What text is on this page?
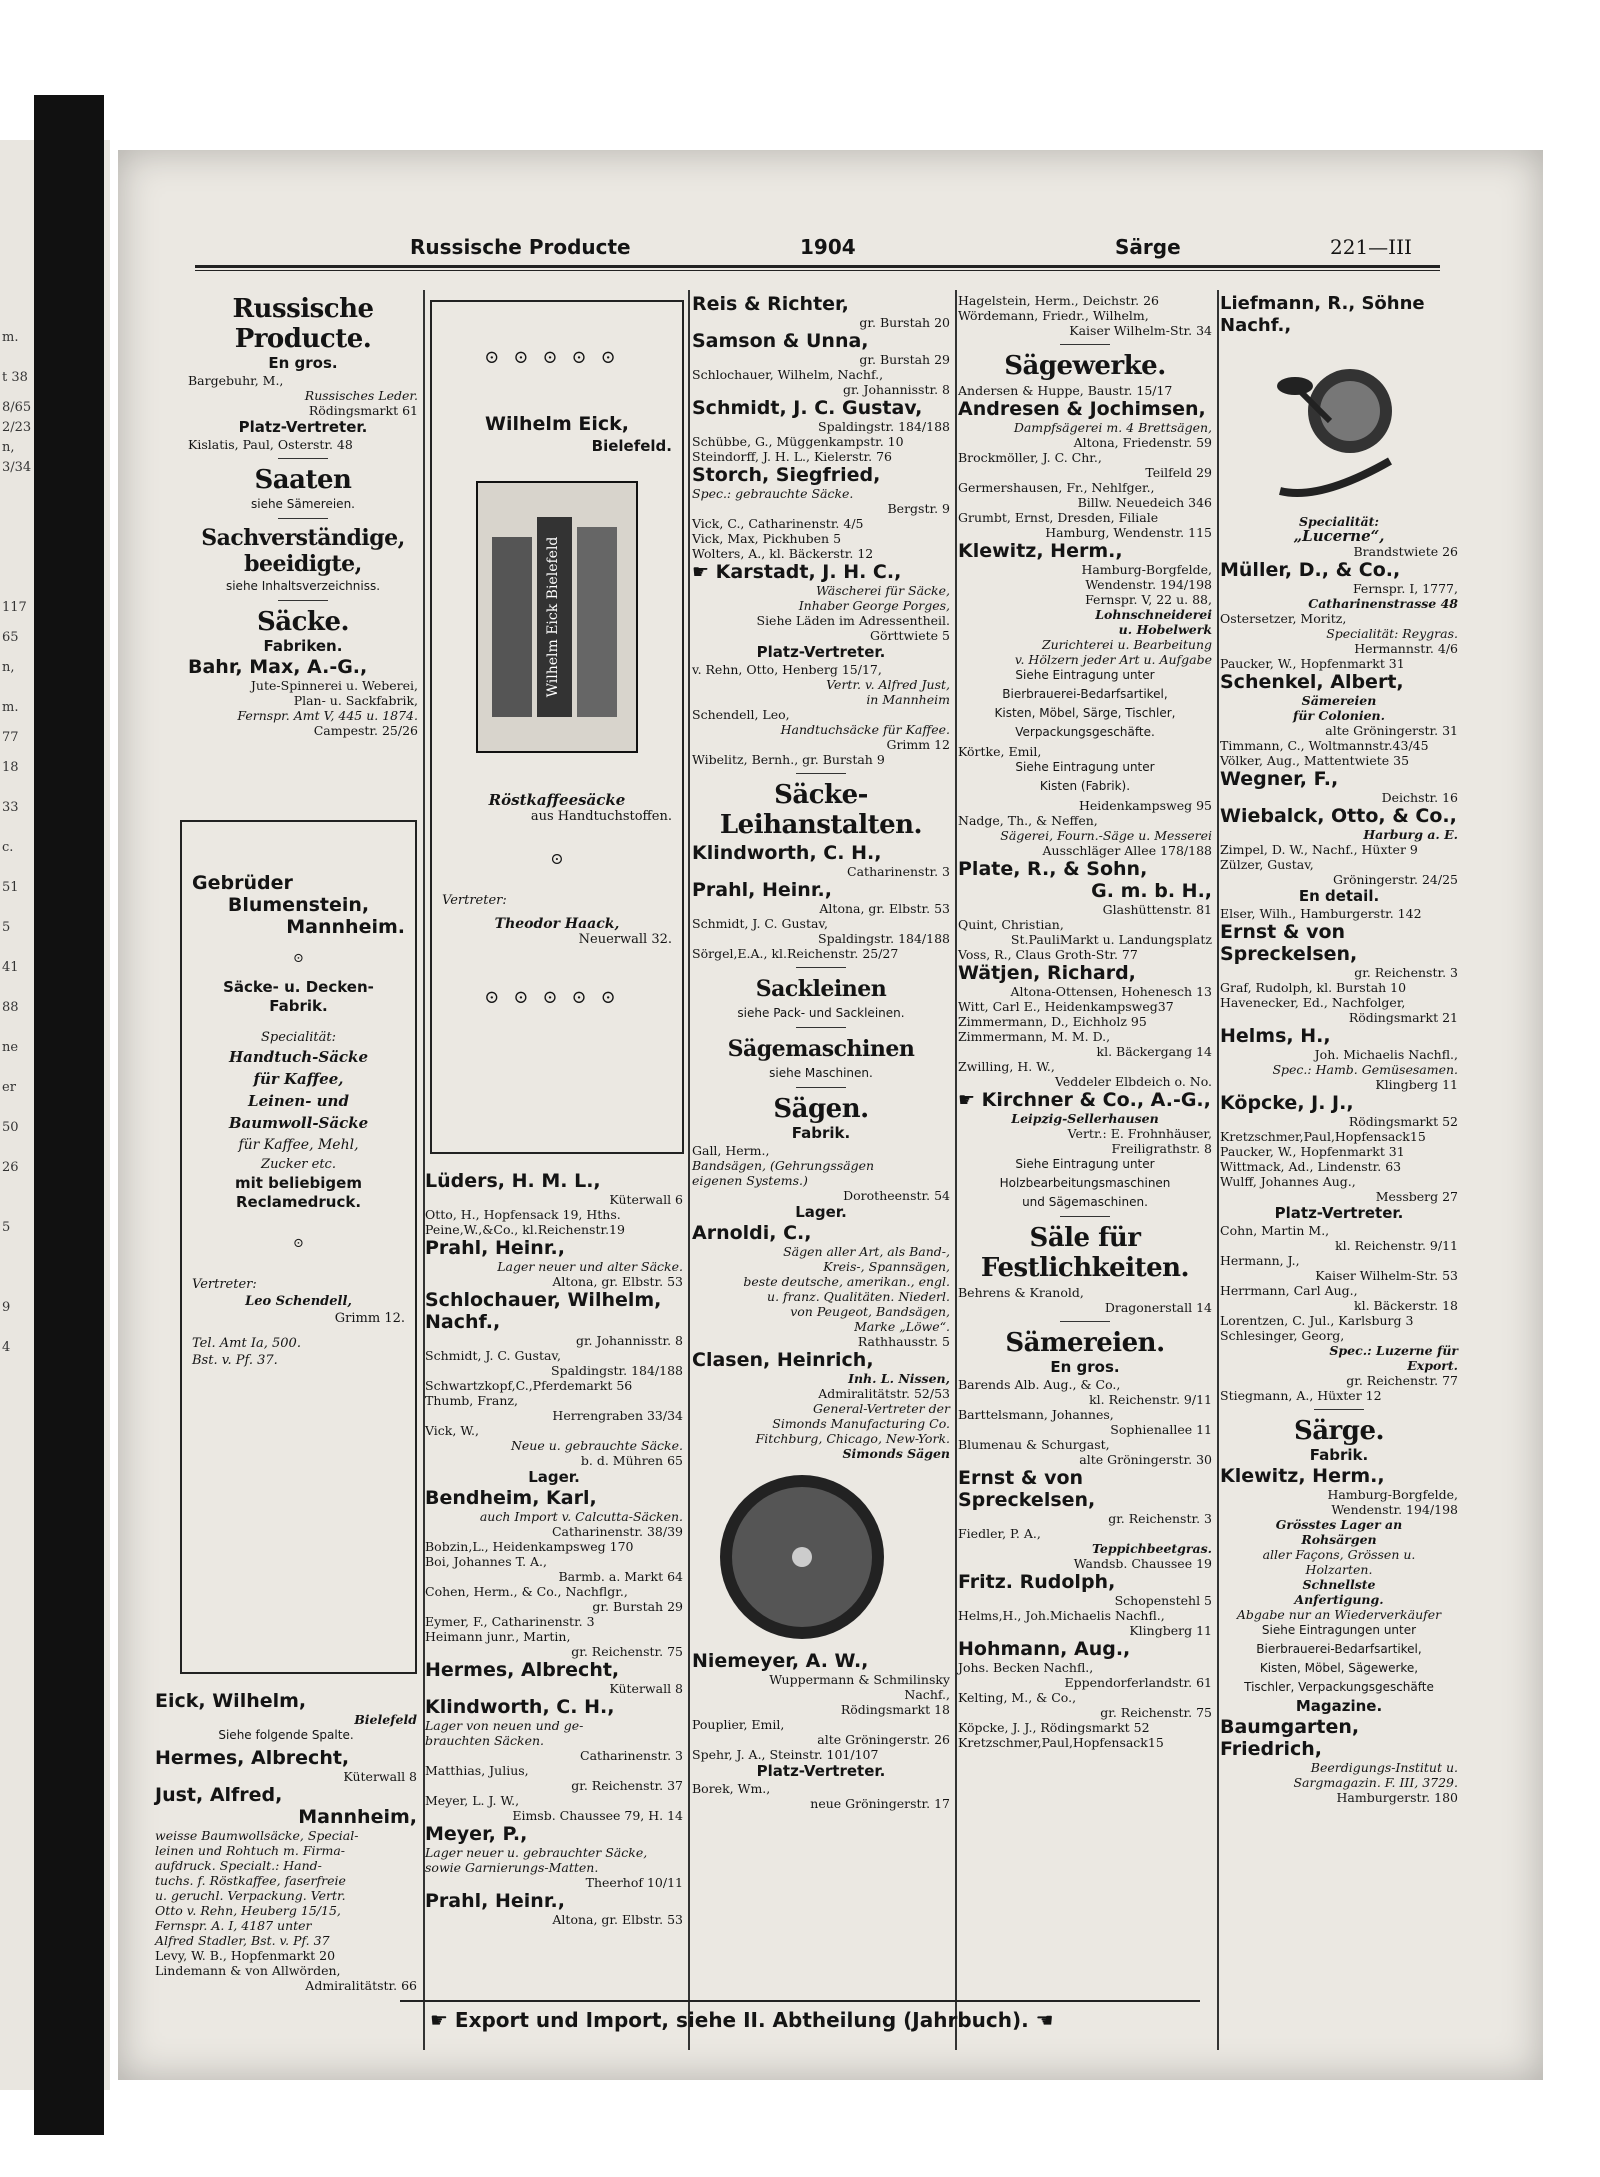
m.
t 38
8/65
2/23
n,
3/34
117
65
n,
m.
77
18
33
c.
51
5
41
88
ne
er
50
26
5
9
4
Russische Producte	1904	Särge	221—III
Russische Producte.
En gros.
Bargebuhr, M.,
Russisches Leder.
Rödingsmarkt 61
Platz-Vertreter.
Kislatis, Paul, Osterstr. 48
Saaten
siehe Sämereien.
Sachverständige, beeidigte,
siehe Inhaltsverzeichniss.
Säcke.
Fabriken.
Bahr, Max, A.-G.,
Jute-Spinnerei u. Weberei,
Plan- u. Sackfabrik,
Fernspr. Amt V, 445 u. 1874.
Campestr. 25/26
Gebrüder
Blumenstein,
Mannheim.
⊙
Säcke- u. Decken-
Fabrik.
Specialität:
Handtuch-Säcke
für Kaffee,
Leinen- und
Baumwoll-Säcke
für Kaffee, Mehl,
Zucker etc.
mit beliebigem
Reclamedruck.
⊙
Vertreter:
Leo Schendell,
Grimm 12.
Tel. Amt Ia, 500.
Bst. v. Pf. 37.
Eick, Wilhelm,
Bielefeld
Siehe folgende Spalte.
Hermes, Albrecht,
Küterwall 8
Just, Alfred,
Mannheim,
weisse Baumwollsäcke, Special-
leinen und Rohtuch m. Firma-
aufdruck. Specialt.: Hand-
tuchs. f. Röstkaffee, faserfreie
u. geruchl. Verpackung. Vertr.
Otto v. Rehn, Heuberg 15/15,
Fernspr. A. I, 4187 unter
Alfred Stadler, Bst. v. Pf. 37
Levy, W. B., Hopfenmarkt 20
Lindemann & von Allwörden,
Admiralitätstr. 66
⊙⊙⊙⊙⊙
Wilhelm Eick,
Bielefeld.
Wilhelm Eick Bielefeld
Röstkaffeesäcke
aus Handtuchstoffen.
⊙
Vertreter:
Theodor Haack,
Neuerwall 32.
⊙⊙⊙⊙⊙
Lüders, H. M. L.,
Küterwall 6
Otto, H., Hopfensack 19, Hths.
Peine,W.,&Co., kl.Reichenstr.19
Prahl, Heinr.,
Lager neuer und alter Säcke.
Altona, gr. Elbstr. 53
Schlochauer, Wilhelm, Nachf.,
gr. Johannisstr. 8
Schmidt, J. C. Gustav,
Spaldingstr. 184/188
Schwartzkopf,C.,Pferdemarkt 56
Thumb, Franz,
Herrengraben 33/34
Vick, W.,
Neue u. gebrauchte Säcke.
b. d. Mühren 65
Lager.
Bendheim, Karl,
auch Import v. Calcutta-Säcken.
Catharinenstr. 38/39
Bobzin,L., Heidenkampsweg 170
Boi, Johannes T. A.,
Barmb. a. Markt 64
Cohen, Herm., & Co., Nachflgr.,
gr. Burstah 29
Eymer, F., Catharinenstr. 3
Heimann junr., Martin,
gr. Reichenstr. 75
Hermes, Albrecht,
Küterwall 8
Klindworth, C. H.,
Lager von neuen und ge-
brauchten Säcken.
Catharinenstr. 3
Matthias, Julius,
gr. Reichenstr. 37
Meyer, L. J. W.,
Eimsb. Chaussee 79, H. 14
Meyer, P.,
Lager neuer u. gebrauchter Säcke,
sowie Garnierungs-Matten.
Theerhof 10/11
Prahl, Heinr.,
Altona, gr. Elbstr. 53
Reis & Richter,
gr. Burstah 20
Samson & Unna,
gr. Burstah 29
Schlochauer, Wilhelm, Nachf.,
gr. Johannisstr. 8
Schmidt, J. C. Gustav,
Spaldingstr. 184/188
Schübbe, G., Müggenkampstr. 10
Steindorff, J. H. L., Kielerstr. 76
Storch, Siegfried,
Spec.: gebrauchte Säcke.
Bergstr. 9
Vick, C., Catharinenstr. 4/5
Vick, Max, Pickhuben 5
Wolters, A., kl. Bäckerstr. 12
☛ Karstadt, J. H. C.,
Wäscherei für Säcke,
Inhaber George Porges,
Siehe Läden im Adressentheil.
Görttwiete 5
Platz-Vertreter.
v. Rehn, Otto, Henberg 15/17,
Vertr. v. Alfred Just,
in Mannheim
Schendell, Leo,
Handtuchsäcke für Kaffee.
Grimm 12
Wibelitz, Bernh., gr. Burstah 9
Säcke-Leihanstalten.
Klindworth, C. H.,
Catharinenstr. 3
Prahl, Heinr.,
Altona, gr. Elbstr. 53
Schmidt, J. C. Gustav,
Spaldingstr. 184/188
Sörgel,E.A., kl.Reichenstr. 25/27
Sackleinen
siehe Pack- und Sackleinen.
Sägemaschinen
siehe Maschinen.
Sägen.
Fabrik.
Gall, Herm.,
Bandsägen, (Gehrungssägen
eigenen Systems.)
Dorotheenstr. 54
Lager.
Arnoldi, C.,
Sägen aller Art, als Band-,
Kreis-, Spannsägen,
beste deutsche, amerikan., engl.
u. franz. Qualitäten. Niederl.
von Peugeot, Bandsägen,
Marke „Löwe“.
Rathhausstr. 5
Clasen, Heinrich,
Inh. L. Nissen,
Admiralitätstr. 52/53
General-Vertreter der
Simonds Manufacturing Co.
Fitchburg, Chicago, New-York.
Simonds Sägen
Niemeyer, A. W.,
Wuppermann & Schmilinsky
Nachf.,
Rödingsmarkt 18
Pouplier, Emil,
alte Gröningerstr. 26
Spehr, J. A., Steinstr. 101/107
Platz-Vertreter.
Borek, Wm.,
neue Gröningerstr. 17
Hagelstein, Herm., Deichstr. 26
Wördemann, Friedr., Wilhelm,
Kaiser Wilhelm-Str. 34
Sägewerke.
Andersen & Huppe, Baustr. 15/17
Andresen & Jochimsen,
Dampfsägerei m. 4 Brettsägen,
Altona, Friedenstr. 59
Brockmöller, J. C. Chr.,
Teilfeld 29
Germershausen, Fr., Nehlfger.,
Billw. Neuedeich 346
Grumbt, Ernst, Dresden, Filiale
Hamburg, Wendenstr. 115
Klewitz, Herm.,
Hamburg-Borgfelde,
Wendenstr. 194/198
Fernspr. V, 22 u. 88,
Lohnschneiderei
u. Hobelwerk
Zurichterei u. Bearbeitung
v. Hölzern jeder Art u. Aufgabe
Siehe Eintragung unter
Bierbrauerei-Bedarfsartikel,
Kisten, Möbel, Särge, Tischler,
Verpackungsgeschäfte.
Körtke, Emil,
Siehe Eintragung unter
Kisten (Fabrik).
Heidenkampsweg 95
Nadge, Th., & Neffen,
Sägerei, Fourn.-Säge u. Messerei
Ausschläger Allee 178/188
Plate, R., & Sohn,
G. m. b. H.,
Glashüttenstr. 81
Quint, Christian,
St.PauliMarkt u. Landungsplatz
Voss, R., Claus Groth-Str. 77
Wätjen, Richard,
Altona-Ottensen, Hohenesch 13
Witt, Carl E., Heidenkampsweg37
Zimmermann, D., Eichholz 95
Zimmermann, M. M. D.,
kl. Bäckergang 14
Zwilling, H. W.,
Veddeler Elbdeich o. No.
☛ Kirchner & Co., A.-G.,
Leipzig-Sellerhausen
Vertr.: E. Frohnhäuser,
Freiligrathstr. 8
Siehe Eintragung unter
Holzbearbeitungsmaschinen
und Sägemaschinen.
Säle für Festlichkeiten.
Behrens & Kranold,
Dragonerstall 14
Sämereien.
En gros.
Barends Alb. Aug., & Co.,
kl. Reichenstr. 9/11
Barttelsmann, Johannes,
Sophienallee 11
Blumenau & Schurgast,
alte Gröningerstr. 30
Ernst & von Spreckelsen,
gr. Reichenstr. 3
Fiedler, P. A.,
Teppichbeetgras.
Wandsb. Chaussee 19
Fritz. Rudolph,
Schopenstehl 5
Helms,H., Joh.Michaelis Nachfl.,
Klingberg 11
Hohmann, Aug.,
Johs. Becken Nachfl.,
Eppendorferlandstr. 61
Kelting, M., & Co.,
gr. Reichenstr. 75
Köpcke, J. J., Rödingsmarkt 52
Kretzschmer,Paul,Hopfensack15
Liefmann, R., Söhne Nachf.,
Specialität:
„Lucerne“,
Brandstwiete 26
Müller, D., & Co.,
Fernspr. I, 1777,
Catharinenstrasse 48
Ostersetzer, Moritz,
Specialität: Reygras.
Hermannstr. 4/6
Paucker, W., Hopfenmarkt 31
Schenkel, Albert,
Sämereien
für Colonien.
alte Gröningerstr. 31
Timmann, C., Woltmannstr.43/45
Völker, Aug., Mattentwiete 35
Wegner, F.,
Deichstr. 16
Wiebalck, Otto, & Co.,
Harburg a. E.
Zimpel, D. W., Nachf., Hüxter 9
Zülzer, Gustav,
Gröningerstr. 24/25
En detail.
Elser, Wilh., Hamburgerstr. 142
Ernst & von Spreckelsen,
gr. Reichenstr. 3
Graf, Rudolph, kl. Burstah 10
Havenecker, Ed., Nachfolger,
Rödingsmarkt 21
Helms, H.,
Joh. Michaelis Nachfl.,
Spec.: Hamb. Gemüsesamen.
Klingberg 11
Köpcke, J. J.,
Rödingsmarkt 52
Kretzschmer,Paul,Hopfensack15
Paucker, W., Hopfenmarkt 31
Wittmack, Ad., Lindenstr. 63
Wulff, Johannes Aug.,
Messberg 27
Platz-Vertreter.
Cohn, Martin M.,
kl. Reichenstr. 9/11
Hermann, J.,
Kaiser Wilhelm-Str. 53
Herrmann, Carl Aug.,
kl. Bäckerstr. 18
Lorentzen, C. Jul., Karlsburg 3
Schlesinger, Georg,
Spec.: Luzerne für
Export.
gr. Reichenstr. 77
Stiegmann, A., Hüxter 12
Särge.
Fabrik.
Klewitz, Herm.,
Hamburg-Borgfelde,
Wendenstr. 194/198
Grösstes Lager an
Rohsärgen
aller Façons, Grössen u.
Holzarten.
Schnellste
Anfertigung.
Abgabe nur an Wiederverkäufer
Siehe Eintragungen unter
Bierbrauerei-Bedarfsartikel,
Kisten, Möbel, Sägewerke,
Tischler, Verpackungsgeschäfte
Magazine.
Baumgarten, Friedrich,
Beerdigungs-Institut u.
Sargmagazin. F. III, 3729.
Hamburgerstr. 180
☛ Export und Import, siehe II. Abtheilung (Jahrbuch). ☚
